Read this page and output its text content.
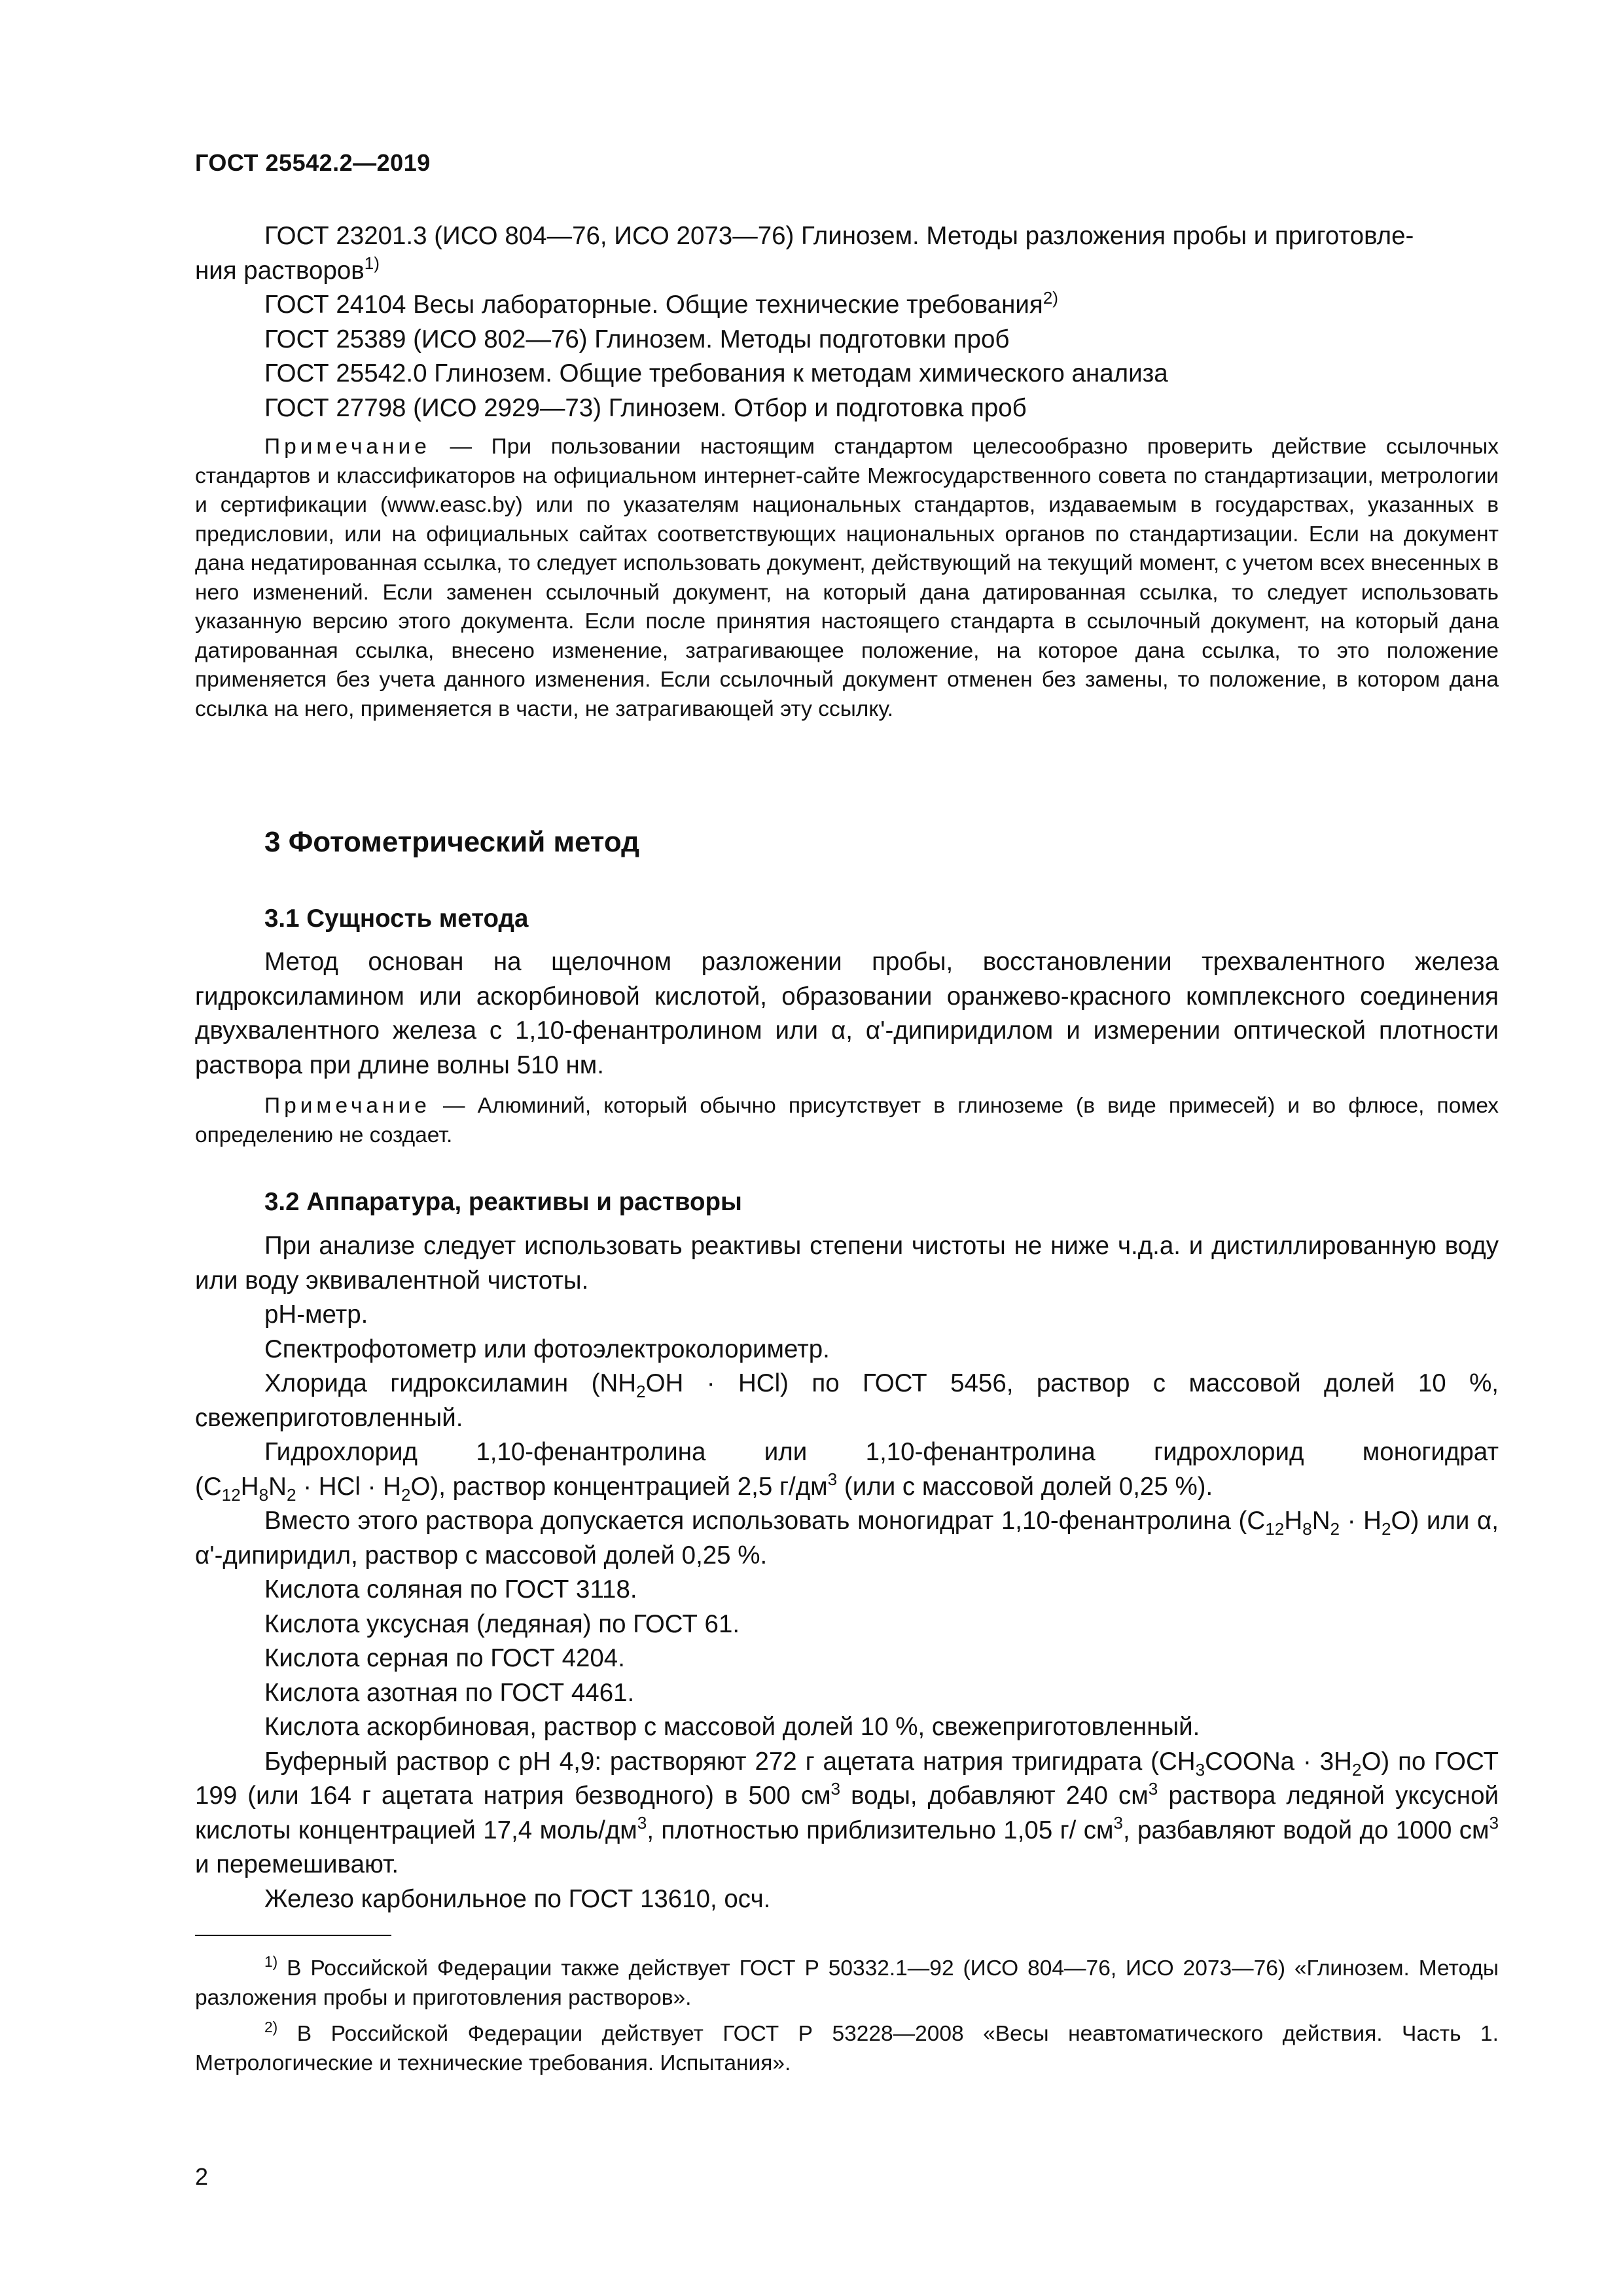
ГОСТ 25542.2—2019

ГОСТ 23201.3 (ИСО 804—76, ИСО 2073—76) Глинозем. Методы разложения пробы и приготовле-
ния растворов$^{1)}$

ГОСТ 24104 Весы лабораторные. Общие технические требования$^{2)}$

ГОСТ 25389 (ИСО 802—76) Глинозем. Методы подготовки проб

ГОСТ 25542.0 Глинозем. Общие требования к методам химического анализа

ГОСТ 27798 (ИСО 2929—73) Глинозем. Отбор и подготовка проб

Примечание — При пользовании настоящим стандартом целесообразно проверить действие ссылочных стандартов и классификаторов на официальном интернет-сайте Межгосударственного совета по стандартизации, метрологии и сертификации (www.easc.by) или по указателям национальных стандартов, издаваемым в государствах, указанных в предисловии, или на официальных сайтах соответствующих национальных органов по стандартизации. Если на документ дана недатированная ссылка, то следует использовать документ, действующий на текущий момент, с учетом всех внесенных в него изменений. Если заменен ссылочный документ, на который дана датированная ссылка, то следует использовать указанную версию этого документа. Если после принятия настоящего стандарта в ссылочный документ, на который дана датированная ссылка, внесено изменение, затрагивающее положение, на которое дана ссылка, то это положение применяется без учета данного изменения. Если ссылочный документ отменен без замены, то положение, в котором дана ссылка на него, применяется в части, не затрагивающей эту ссылку.
3 Фотометрический метод
3.1 Сущность метода
Метод основан на щелочном разложении пробы, восстановлении трехвалентного железа гидроксиламином или аскорбиновой кислотой, образовании оранжево-красного комплексного соединения двухвалентного железа с 1,10-фенантролином или α, α'-дипиридилом и измерении оптической плотности раствора при длине волны 510 нм.
Примечание — Алюминий, который обычно присутствует в глиноземе (в виде примесей) и во флюсе, помех определению не создает.
3.2 Аппаратура, реактивы и растворы

При анализе следует использовать реактивы степени чистоты не ниже ч.д.а. и дистиллированную воду или воду эквивалентной чистоты.

pH-метр.

Спектрофотометр или фотоэлектроколориметр.

Хлорида гидроксиламин $(NH_2OH \cdot HCl)$ по ГОСТ 5456, раствор с массовой долей 10 %, свежеприготовленный.

Гидрохлорид 1,10-фенантролина или 1,10-фенантролина гидрохлорид моногидрат

($C_{12}H_8N_2$ · HCl · $H_2O$), раствор концентрацией 2,5 $г/дм^3$ (или с массовой долей 0,25 %).

Вместо этого раствора допускается использовать моногидрат 1,10-фенантролина $(C_{12}H_8N_2 \cdot H_2O)$ или α, α'-дипиридил, раствор с массовой долей 0,25 %.

Кислота соляная по ГОСТ 3118.

Кислота уксусная (ледяная) по ГОСТ 61.

Кислота серная по ГОСТ 4204.

Кислота азотная по ГОСТ 4461.

Кислота аскорбиновая, раствор с массовой долей 10 %, свежеприготовленный.

Буферный раствор с pH 4,9: растворяют 272 г ацетата натрия тригидрата $(CH_3COONa \cdot 3H_2O)$ по ГОСТ 199 (или 164 г ацетата натрия безводного) в 500 $см^3$ воды, добавляют 240 $см^3$ раствора ледяной уксусной кислоты концентрацией 17,4 моль/$дм^3$, плотностью приблизительно 1,05 г/ $см^3$, разбавляют водой до 1000 $см^3$ и перемешивают.

Железо карбонильное по ГОСТ 13610, осч.

$^{1)}$ В Российской Федерации также действует ГОСТ Р 50332.1—92 (ИСО 804—76, ИСО 2073—76) «Глинозем. Методы разложения пробы и приготовления растворов».

$^{2)}$ В Российской Федерации действует ГОСТ Р 53228—2008 «Весы неавтоматического действия. Часть 1. Метрологические и технические требования. Испытания».

2
